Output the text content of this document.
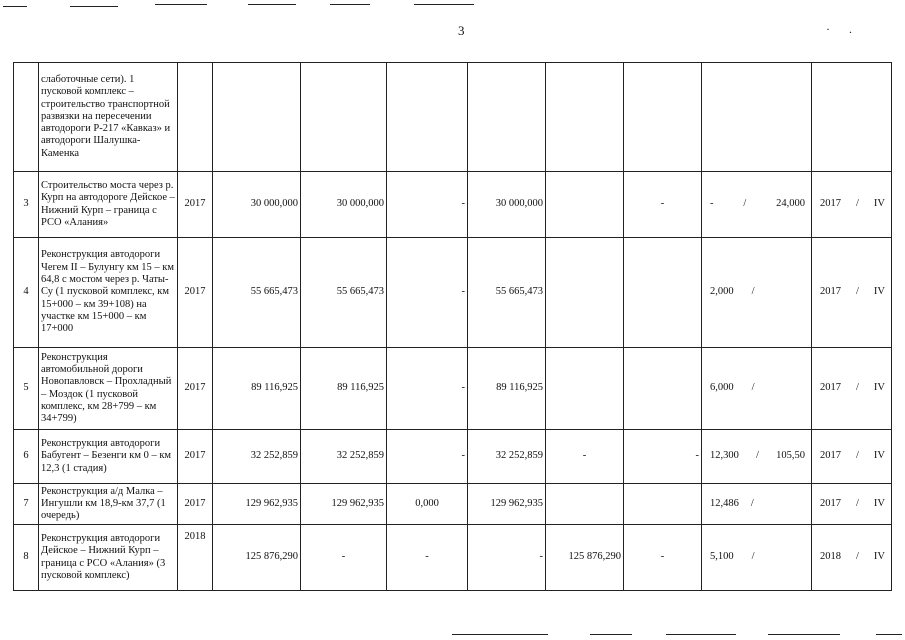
3	· .
	слаботочные сети). 1 пусковой комплекс – строительство транспортной развязки на пересечении автодороги Р-217 «Кавказ» и автодороги Шалушка-Каменка									
3	Строительство моста через р. Курп на автодороге Дейское – Нижний Курп – граница с РСО «Алания»	2017	30 000,000	30 000,000	-	30 000,000		-	- / 24,000	2017 / IV

4	Реконструкция автодороги Чегем II – Булунгу км 15 – км 64,8 с мостом через р. Чаты-Су (1 пусковой комплекс, км 15+000 – км 39+108) на участке км 15+000 – км 17+000	2017	55 665,473	55 665,473	-	55 665,473			2,000 /	2017 / IV

5	Реконструкция автомобильной дороги Новопавловск – Прохладный – Моздок (1 пусковой комплекс, км 28+799 – км 34+799)	2017	89 116,925	89 116,925	-	89 116,925			6,000 /	2017 / IV

6	Реконструкция автодороги Бабугент – Безенги км 0 – км 12,3 (1 стадия)	2017	32 252,859	32 252,859	-	32 252,859	-	-	12,300 / 105,50	2017 / IV

7	Реконструкция а/д Малка – Ингушли км 18,9-км 37,7 (1 очередь)	2017	129 962,935	129 962,935	0,000	129 962,935			12,486 /	2017 / IV

8	Реконструкция автодороги Дейское – Нижний Курп – граница с РСО «Алания» (3 пусковой комплекс)	2018	125 876,290	-	-	-	125 876,290	-	5,100 /	2018 / IV
